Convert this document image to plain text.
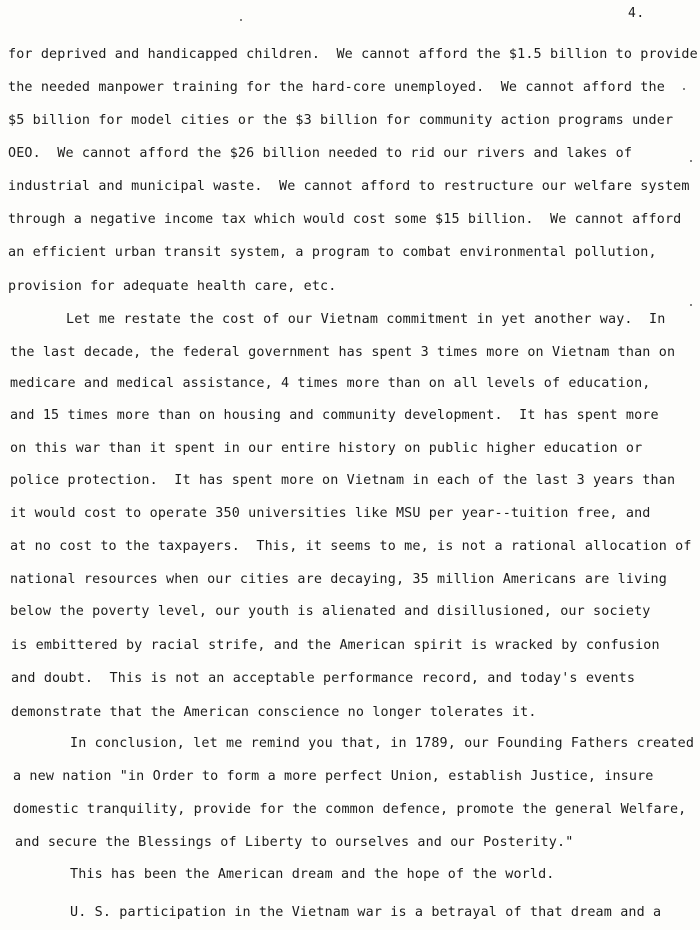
4.
for deprived and handicapped children.  We cannot afford the $1.5 billion to provide
the needed manpower training for the hard-core unemployed.  We cannot afford the
$5 billion for model cities or the $3 billion for community action programs under
OEO.  We cannot afford the $26 billion needed to rid our rivers and lakes of
industrial and municipal waste.  We cannot afford to restructure our welfare system
through a negative income tax which would cost some $15 billion.  We cannot afford
an efficient urban transit system, a program to combat environmental pollution,
provision for adequate health care, etc.
Let me restate the cost of our Vietnam commitment in yet another way.  In
the last decade, the federal government has spent 3 times more on Vietnam than on
medicare and medical assistance, 4 times more than on all levels of education,
and 15 times more than on housing and community development.  It has spent more
on this war than it spent in our entire history on public higher education or
police protection.  It has spent more on Vietnam in each of the last 3 years than
it would cost to operate 350 universities like MSU per year--tuition free, and
at no cost to the taxpayers.  This, it seems to me, is not a rational allocation of
national resources when our cities are decaying, 35 million Americans are living
below the poverty level, our youth is alienated and disillusioned, our society
is embittered by racial strife, and the American spirit is wracked by confusion
and doubt.  This is not an acceptable performance record, and today's events
demonstrate that the American conscience no longer tolerates it.
In conclusion, let me remind you that, in 1789, our Founding Fathers created
a new nation "in Order to form a more perfect Union, establish Justice, insure
domestic tranquility, provide for the common defence, promote the general Welfare,
and secure the Blessings of Liberty to ourselves and our Posterity."
This has been the American dream and the hope of the world.
U. S. participation in the Vietnam war is a betrayal of that dream and a
